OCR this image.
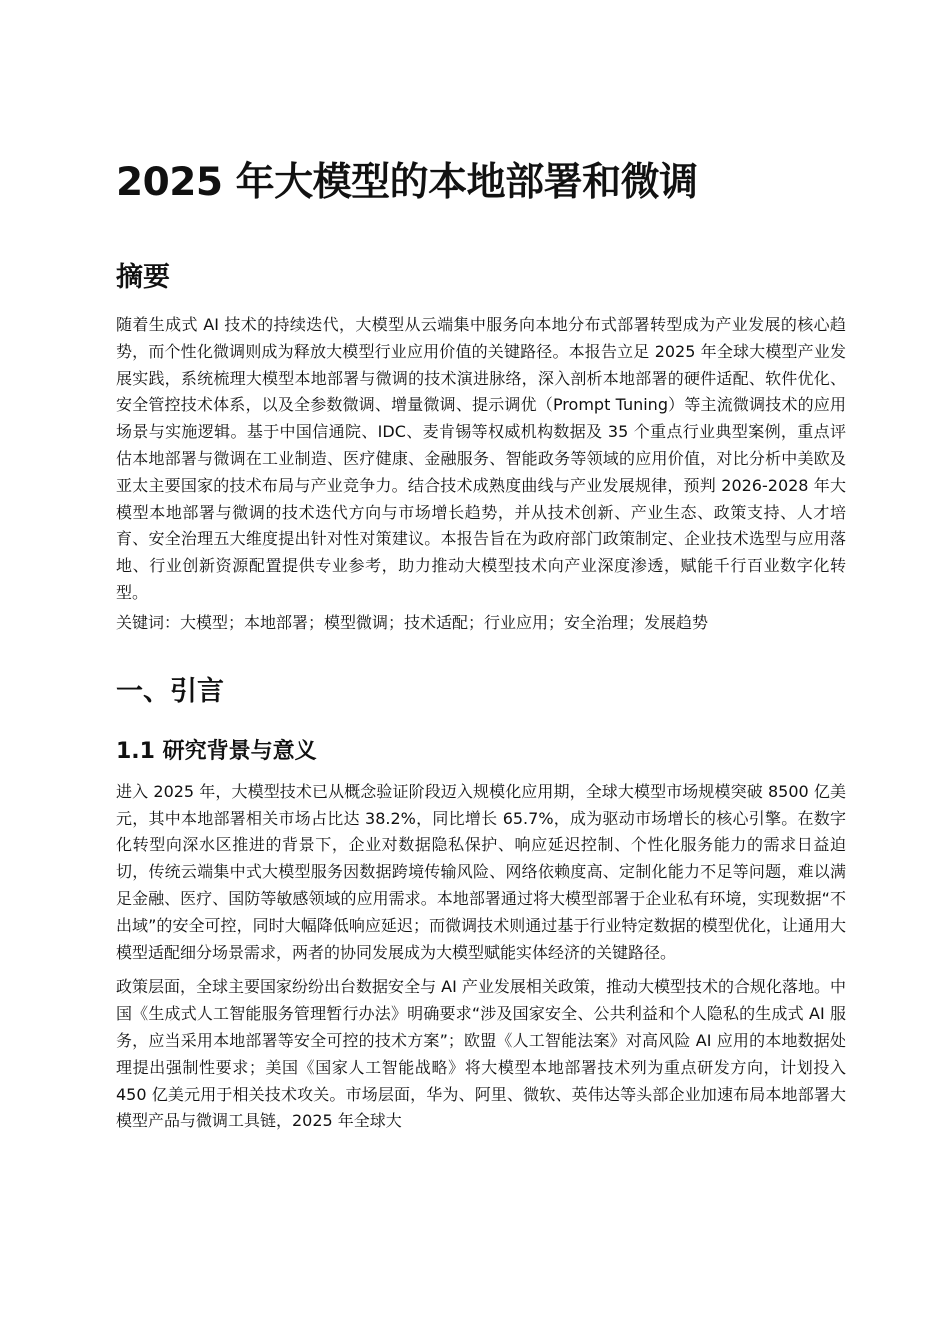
2025 年大模型的本地部署和微调
摘要

随着生成式 AI 技术的持续迭代，大模型从云端集中服务向本地分布式部署转型成为产业发展的核心趋势，而个性化微调则成为释放大模型行业应用价值的关键路径。本报告立足 2025 年全球大模型产业发展实践，系统梳理大模型本地部署与微调的技术演进脉络，深入剖析本地部署的硬件适配、软件优化、安全管控技术体系，以及全参数微调、增量微调、提示调优（Prompt Tuning）等主流微调技术的应用场景与实施逻辑。基于中国信通院、IDC、麦肯锡等权威机构数据及 35 个重点行业典型案例，重点评估本地部署与微调在工业制造、医疗健康、金融服务、智能政务等领域的应用价值，对比分析中美欧及亚太主要国家的技术布局与产业竞争力。结合技术成熟度曲线与产业发展规律，预判 2026-2028 年大模型本地部署与微调的技术迭代方向与市场增长趋势，并从技术创新、产业生态、政策支持、人才培育、安全治理五大维度提出针对性对策建议。本报告旨在为政府部门政策制定、企业技术选型与应用落地、行业创新资源配置提供专业参考，助力推动大模型技术向产业深度渗透，赋能千行百业数字化转型。

关键词：大模型；本地部署；模型微调；技术适配；行业应用；安全治理；发展趋势

一、引言
1.1 研究背景与意义

进入 2025 年，大模型技术已从概念验证阶段迈入规模化应用期，全球大模型市场规模突破 8500 亿美元，其中本地部署相关市场占比达 38.2%，同比增长 65.7%，成为驱动市场增长的核心引擎。在数字化转型向深水区推进的背景下，企业对数据隐私保护、响应延迟控制、个性化服务能力的需求日益迫切，传统云端集中式大模型服务因数据跨境传输风险、网络依赖度高、定制化能力不足等问题，难以满足金融、医疗、国防等敏感领域的应用需求。本地部署通过将大模型部署于企业私有环境，实现数据“不出域”的安全可控，同时大幅降低响应延迟；而微调技术则通过基于行业特定数据的模型优化，让通用大模型适配细分场景需求，两者的协同发展成为大模型赋能实体经济的关键路径。

政策层面，全球主要国家纷纷出台数据安全与 AI 产业发展相关政策，推动大模型技术的合规化落地。中国《生成式人工智能服务管理暂行办法》明确要求“涉及国家安全、公共利益和个人隐私的生成式 AI 服务，应当采用本地部署等安全可控的技术方案”；欧盟《人工智能法案》对高风险 AI 应用的本地数据处理提出强制性要求；美国《国家人工智能战略》将大模型本地部署技术列为重点研发方向，计划投入 450 亿美元用于相关技术攻关。市场层面，华为、阿里、微软、英伟达等头部企业加速布局本地部署大模型产品与微调工具链，2025 年全球大
